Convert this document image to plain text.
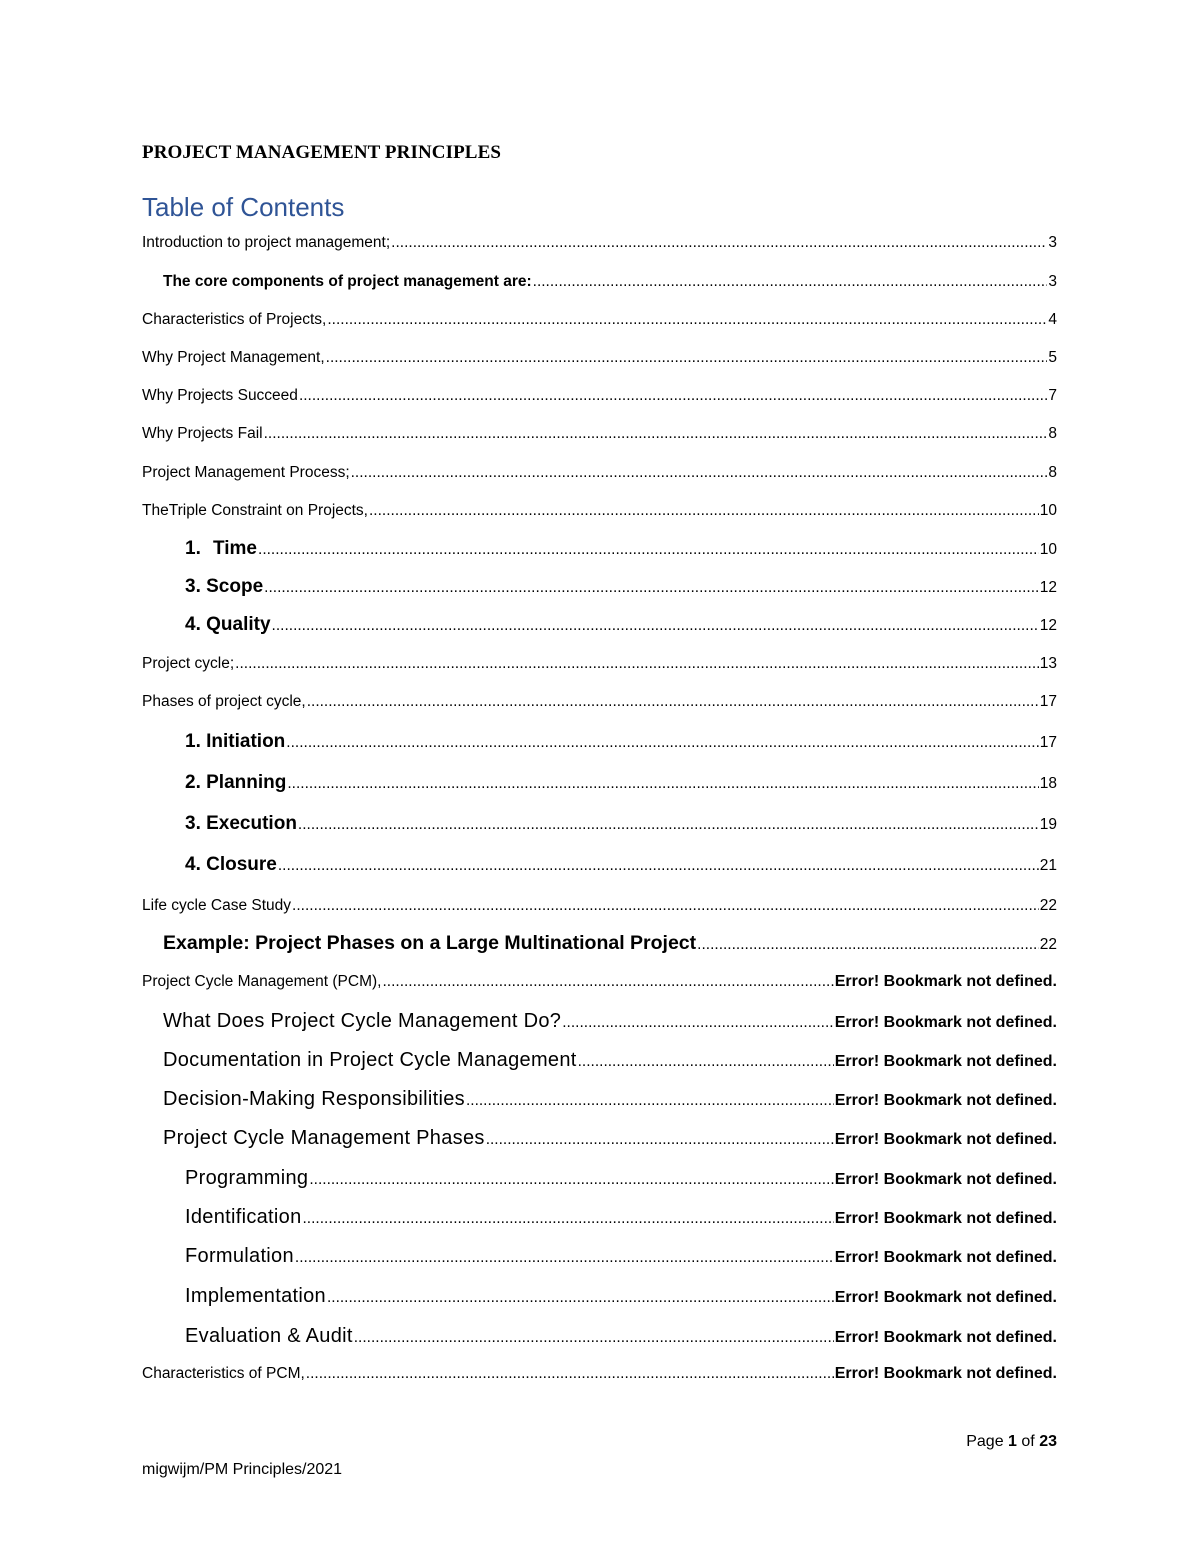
PROJECT MANAGEMENT PRINCIPLES
Table of Contents
Introduction to project management; .....	3
The core components of project management are: .....	3
Characteristics of Projects, .....	4
Why Project Management, .....	5
Why Projects Succeed .....	7
Why Projects Fail .....	8
Project Management Process; .....	8
TheTriple Constraint on Projects, .....	10
1. Time .....	10
3. Scope .....	12
4. Quality .....	12
Project cycle; .....	13
Phases of project cycle, .....	17
1. Initiation .....	17
2. Planning .....	18
3. Execution .....	19
4. Closure .....	21
Life cycle Case Study .....	22
Example: Project Phases on a Large Multinational Project .....	22
Project Cycle Management (PCM), .....	Error! Bookmark not defined.
What Does Project Cycle Management Do? .....	Error! Bookmark not defined.
Documentation in Project Cycle Management .....	Error! Bookmark not defined.
Decision-Making Responsibilities .....	Error! Bookmark not defined.
Project Cycle Management Phases .....	Error! Bookmark not defined.
Programming .....	Error! Bookmark not defined.
Identification .....	Error! Bookmark not defined.
Formulation .....	Error! Bookmark not defined.
Implementation .....	Error! Bookmark not defined.
Evaluation & Audit .....	Error! Bookmark not defined.
Characteristics of PCM, .....	Error! Bookmark not defined.
Page 1 of 23
migwijm/PM Principles/2021
